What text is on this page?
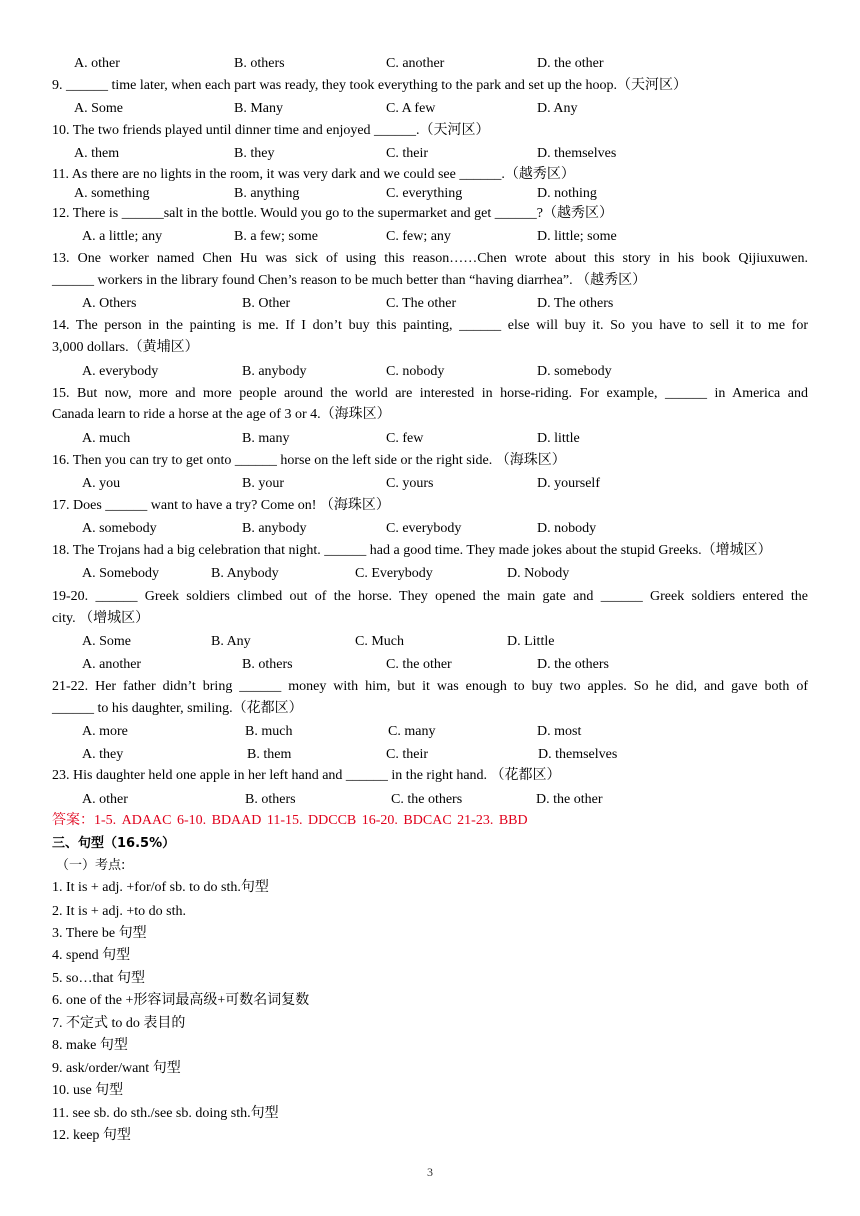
A. other	B. others	C. another	D. the other
9. ______ time later, when each part was ready, they took everything to the park and set up the hoop.（天河区）
A. Some	B. Many	C. A few	D. Any
10. The two friends played until dinner time and enjoyed ______.（天河区）
A. them	B. they	C. their	D. themselves
11. As there are no lights in the room, it was very dark and we could see ______.（越秀区）
A. something	B. anything	C. everything	D. nothing
12. There is ______salt in the bottle. Would you go to the supermarket and get ______?（越秀区）
A. a little; any	B. a few; some	C. few; any	D. little; some
13. One worker named Chen Hu was sick of using this reason……Chen wrote about this story in his book Qijiuxuwen.
______ workers in the library found Chen’s reason to be much better than “having diarrhea”. （越秀区）
A. Others	B. Other	C. The other	D. The others
14. The person in the painting is me. If I don’t buy this painting, ______ else will buy it. So you have to sell it to me for
3,000 dollars.（黄埔区）
A. everybody	B. anybody	C. nobody	D. somebody
15. But now, more and more people around the world are interested in horse-riding. For example, ______ in America and
Canada learn to ride a horse at the age of 3 or 4.（海珠区）
A. much	B. many	C. few	D. little
16. Then you can try to get onto ______ horse on the left side or the right side. （海珠区）
A. you	B. your	C. yours	D. yourself
17. Does ______ want to have a try? Come on! （海珠区）
A. somebody	B. anybody	C. everybody	D. nobody
18. The Trojans had a big celebration that night. ______ had a good time. They made jokes about the stupid Greeks.（增城区）
A. Somebody	B. Anybody	C. Everybody	D. Nobody
19-20. ______ Greek soldiers climbed out of the horse. They opened the main gate and ______ Greek soldiers entered the
city. （增城区）
A. Some	B. Any	C. Much	D. Little
A. another	B. others	C. the other	D. the others
21-22. Her father didn’t bring ______ money with him, but it was enough to buy two apples. So he did, and gave both of
______ to his daughter, smiling.（花都区）
A. more	B. much	C. many	D. most
A. they	B. them	C. their	D. themselves
23. His daughter held one apple in her left hand and ______ in the right hand. （花都区）
A. other	B. others	C. the others	D. the other
答案：1-5. ADAAC 6-10. BDAAD 11-15. DDCCB 16-20. BDCAC 21-23. BBD
三、句型（16.5%）
（一）考点:
1. It is + adj. +for/of sb. to do sth.句型
2. It is + adj. +to do sth.
3. There be 句型
4. spend 句型
5. so…that 句型
6. one of the +形容词最高级+可数名词复数
7. 不定式 to do 表目的
8. make 句型
9. ask/order/want 句型
10. use 句型
11. see sb. do sth./see sb. doing sth.句型
12. keep 句型
3
